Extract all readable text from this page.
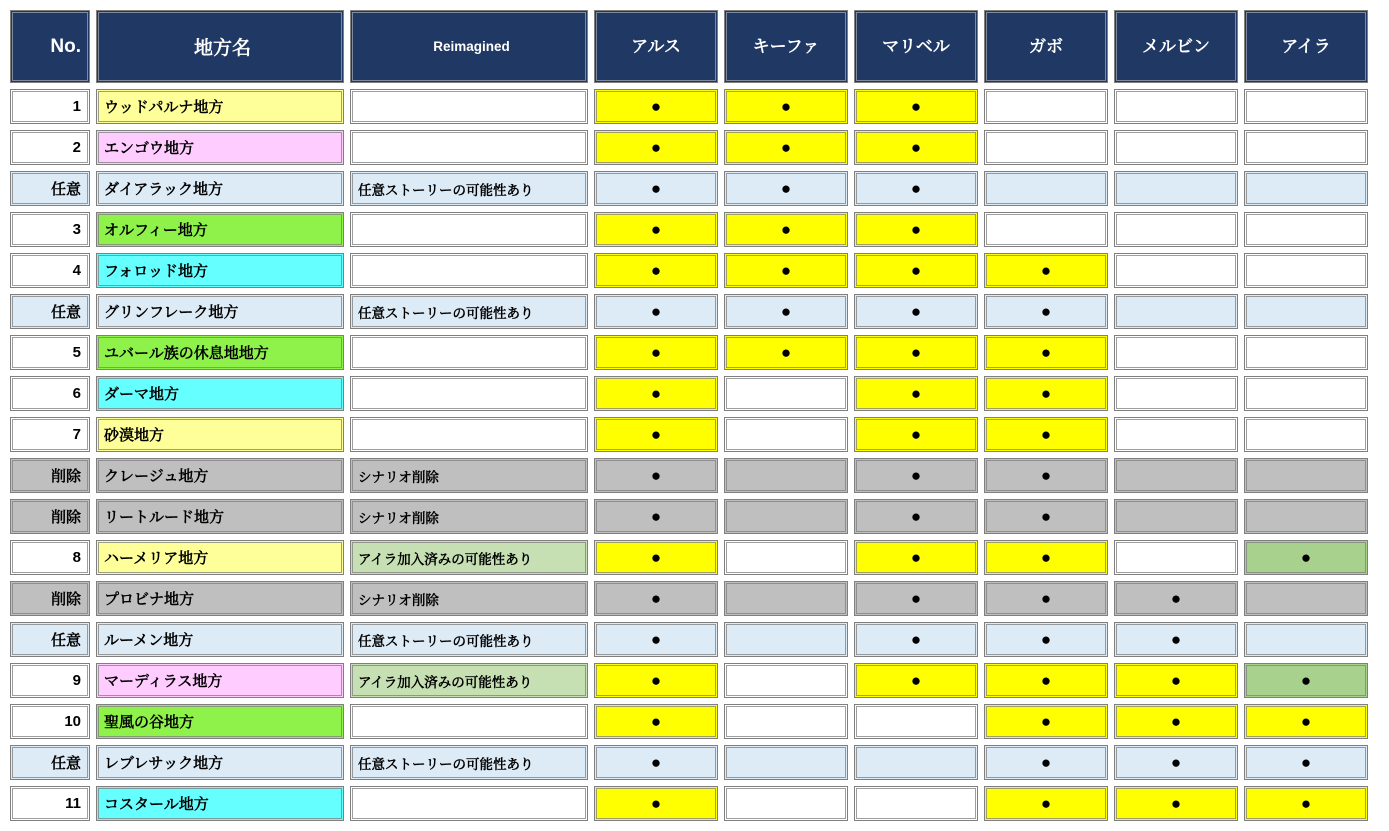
No.	地方名	Reimagined	アルス	キーファ	マリベル	ガボ	メルビン	アイラ

1	ウッドパルナ地方		●	●	●			

2	エンゴウ地方		●	●	●			

任意	ダイアラック地方	任意ストーリーの可能性あり	●	●	●			

3	オルフィー地方		●	●	●			

4	フォロッド地方		●	●	●	●		

任意	グリンフレーク地方	任意ストーリーの可能性あり	●	●	●	●		

5	ユバール族の休息地地方		●	●	●	●		

6	ダーマ地方		●		●	●		

7	砂漠地方		●		●	●		

削除	クレージュ地方	シナリオ削除	●		●	●		

削除	リートルード地方	シナリオ削除	●		●	●		

8	ハーメリア地方	アイラ加入済みの可能性あり	●		●	●		●

削除	プロビナ地方	シナリオ削除	●		●	●	●	

任意	ルーメン地方	任意ストーリーの可能性あり	●		●	●	●	

9	マーディラス地方	アイラ加入済みの可能性あり	●		●	●	●	●

10	聖風の谷地方		●			●	●	●

任意	レブレサック地方	任意ストーリーの可能性あり	●			●	●	●

11	コスタール地方		●			●	●	●
